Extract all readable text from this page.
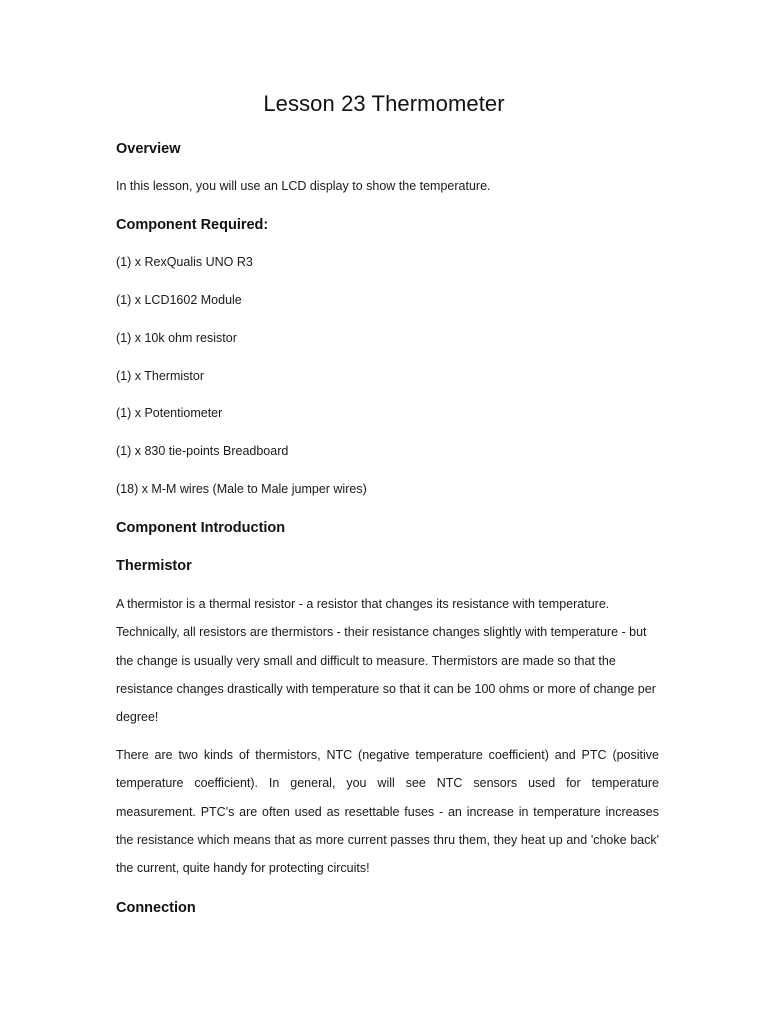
Lesson 23 Thermometer
Overview

In this lesson, you will use an LCD display to show the temperature.

Component Required:

(1) x RexQualis UNO R3

(1) x LCD1602 Module

(1) x 10k ohm resistor

(1) x Thermistor

(1) x Potentiometer

(1) x 830 tie-points Breadboard

(18) x M-M wires (Male to Male jumper wires)

Component Introduction
Thermistor

A thermistor is a thermal resistor - a resistor that changes its resistance with temperature. Technically, all resistors are thermistors - their resistance changes slightly with temperature - but the change is usually very small and difficult to measure. Thermistors are made so that the resistance changes drastically with temperature so that it can be 100 ohms or more of change per degree!

There are two kinds of thermistors, NTC (negative temperature coefficient) and PTC (positive temperature coefficient). In general, you will see NTC sensors used for temperature measurement. PTC's are often used as resettable fuses - an increase in temperature increases the resistance which means that as more current passes thru them, they heat up and 'choke back' the current, quite handy for protecting circuits!

Connection
